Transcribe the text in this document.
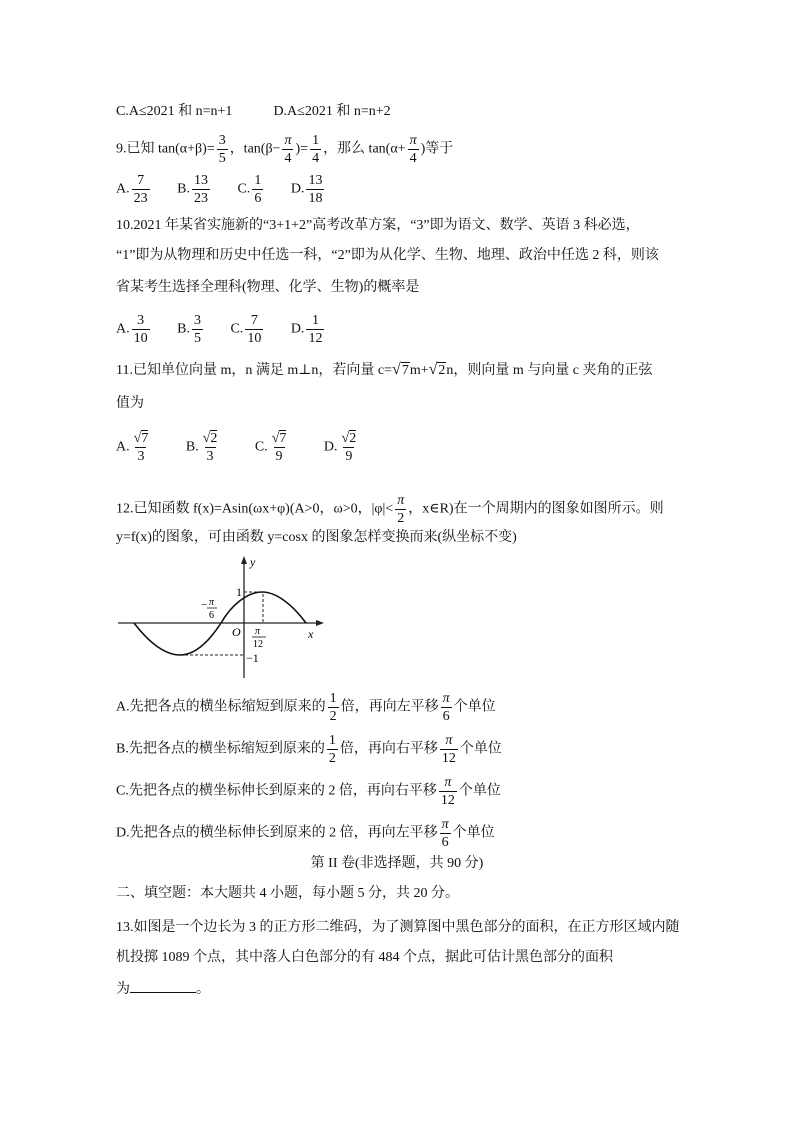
C.A≤2021 和 n=n+1	D.A≤2021 和 n=n+2
9.已知 $\tan(\alpha+\beta)= \frac{3}{5}$ ，$\tan(\beta- \frac{\pi}{4}$ )= $\frac{1}{4}$ ，那么 $\tan(\alpha+ \frac{\pi}{4}$ )等于
A. $\frac{7}{23} B$. $\frac{13}{23} C$. $\frac{1}{6} D$. $\frac{13}{18}$
10.2021 年某省实施新的“3+1+2”高考改革方案，“3”即为语文、数学、英语 3 科必选，
“1”即为从物理和历史中任选一科，“2”即为从化学、生物、地理、政治中任选 2 科，则该
省某考生选择全理科(物理、化学、生物)的概率是
A. $\frac{3}{10} B$. $\frac{3}{5} C$. $\frac{7}{10} D$. $\frac{1}{12}$
11.已知单位向量 m，n 满足 m⊥n，若向量 c=√7m+√2n，则向量 m 与向量 c 夹角的正弦
值为
A. $\frac{√7}{3}$	B. $\frac{√2}{3}$	C. $\frac{√7}{9}$	D. $\frac{√2}{9}$
12.已知函数 f(x)=Asin(ωx+φ)(A>0，ω>0，$|\varphi|< \frac{\pi}{2}$ ，x∈R)在一个周期内的图象如图所示。则
y=f(x)的图象，可由函数 y=cosx 的图象怎样变换而来(纵坐标不变)
y
x
O
1
−1
− π
6
π
12
A.先把各点的横坐标缩短到原来的 $\frac{1}{2}$ 倍，再向左平移 $\frac{\pi}{6}$ 个单位
B.先把各点的横坐标缩短到原来的 $\frac{1}{2}$ 倍，再向右平移 $\frac{\pi}{12}$ 个单位
C.先把各点的横坐标伸长到原来的 2 倍，再向右平移 $\frac{\pi}{12}$ 个单位
D.先把各点的横坐标伸长到原来的 2 倍，再向左平移 $\frac{\pi}{6}$ 个单位
第 II 卷(非选择题，共 90 分)
二、填空题：本大题共 4 小题，每小题 5 分，共 20 分。
13.如图是一个边长为 3 的正方形二维码，为了测算图中黑色部分的面积，在正方形区域内随
机投掷 1089 个点，其中落人白色部分的有 484 个点，据此可估计黑色部分的面积
为	。
